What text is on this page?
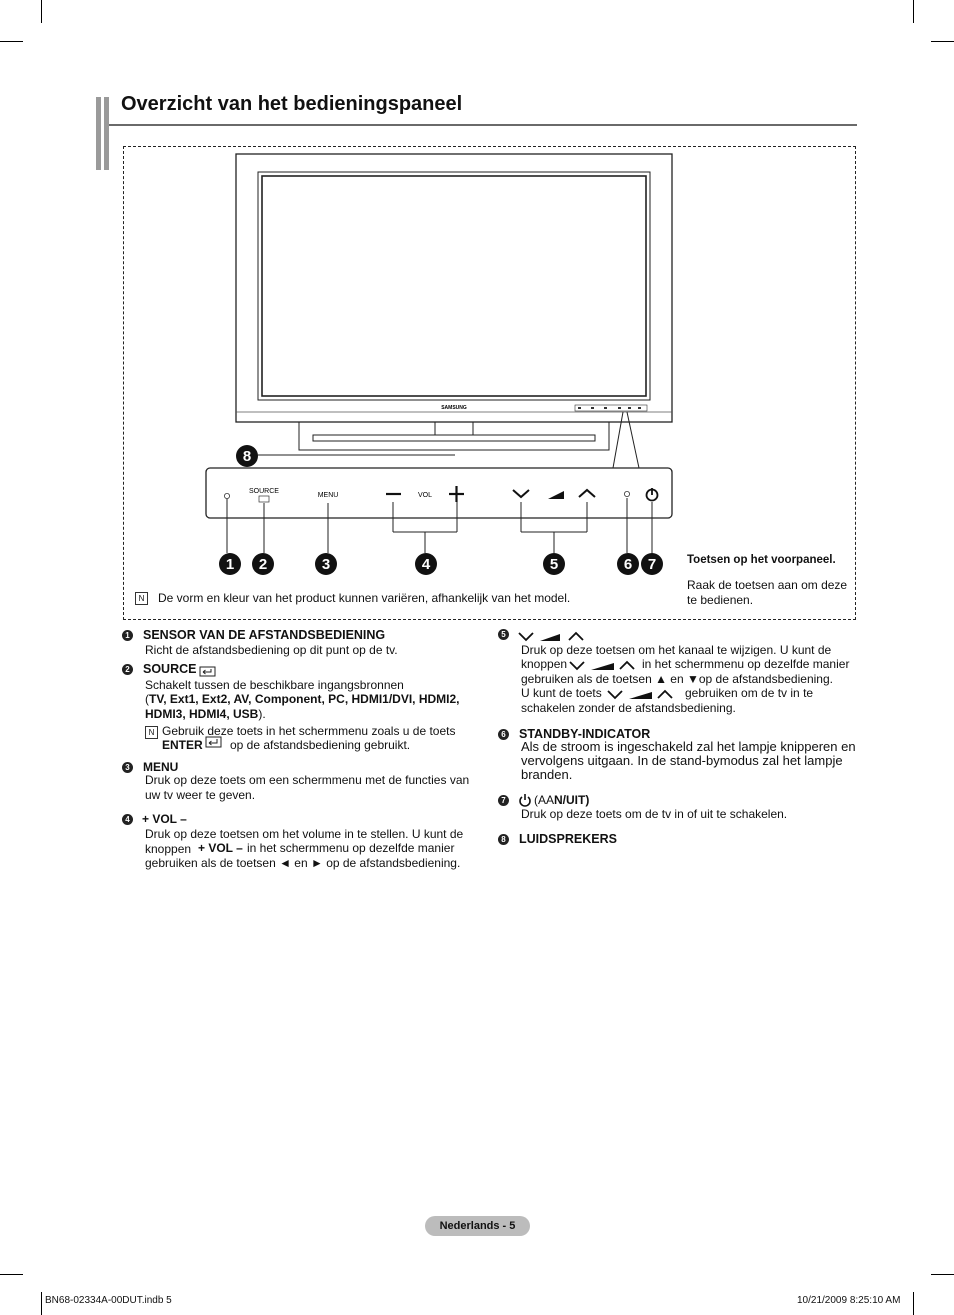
Overzicht van het bedieningspaneel
SAMSUNG
SOURCE
MENU	VOL
8
1 2	3	4	5	6 7	Toetsen op het voorpaneel.
Raak de toetsen aan om deze te bedienen.
N	De vorm en kleur van het product kunnen variëren, afhankelijk van het model.
1 SENSOR VAN DE AFSTANDSBEDIENING
Richt de afstandsbediening op dit punt op de tv.
2 SOURCE
Schakelt tussen de beschikbare ingangsbronnen
(TV, Ext1, Ext2, AV, Component, PC, HDMI1/DVI, HDMI2, HDMI3, HDMI4, USB).
N Gebruik deze toets in het schermmenu zoals u de toets
ENTER op de afstandsbediening gebruikt.
3 MENU
Druk op deze toets om een schermmenu met de functies van uw tv weer te geven.
4 + VOL –
Druk op deze toetsen om het volume in te stellen. U kunt de knoppen + VOL – in het schermmenu op dezelfde manier gebruiken als de toetsen ◄ en ► op de afstandsbediening.
5
Druk op deze toetsen om het kanaal te wijzigen. U kunt de
knoppen	in het schermmenu op dezelfde manier
gebruiken als de toetsen ▲ en ▼op de afstandsbediening.
U kunt de toets	gebruiken om de tv in te
schakelen zonder de afstandsbediening.
6 STANDBY-INDICATOR
Als de stroom is ingeschakeld zal het lampje knipperen en vervolgens uitgaan. In de stand-bymodus zal het lampje branden.
7 (AAN/UIT)
Druk op deze toets om de tv in of uit te schakelen.
8 LUIDSPREKERS
Nederlands - 5
BN68-02334A-00DUT.indb 5	10/21/2009 8:25:10 AM
